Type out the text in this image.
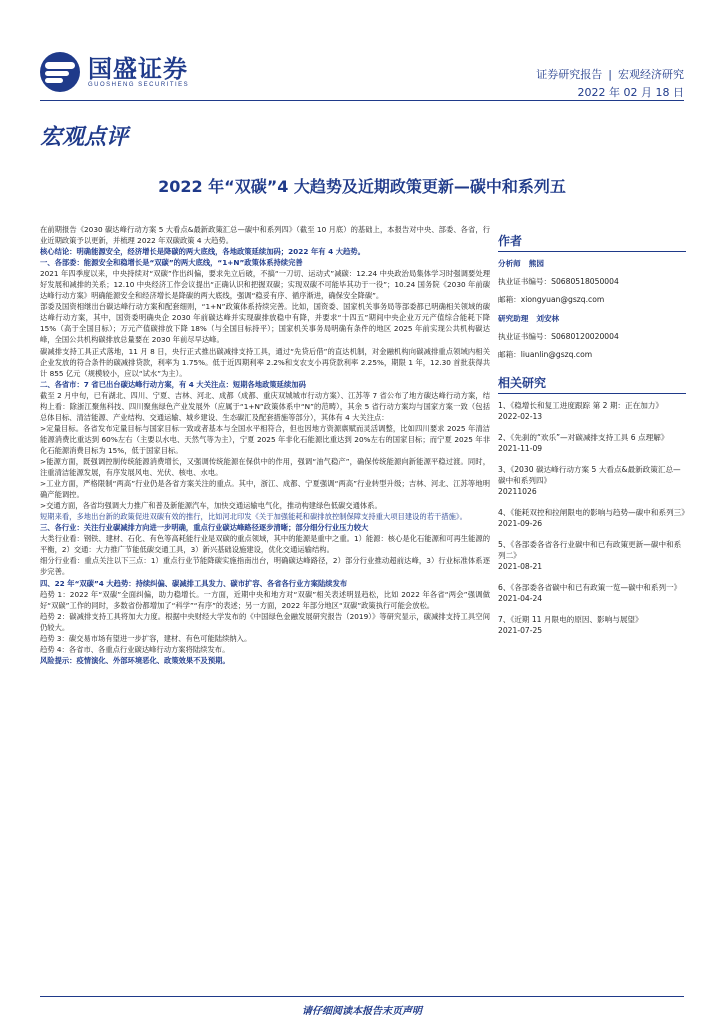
国盛证券
GUOSHENG SECURITIES
证券研究报告 | 宏观经济研究
2022 年 02 月 18 日
宏观点评
2022 年“双碳”4 大趋势及近期政策更新—碳中和系列五

在前期报告《2030 碳达峰行动方案 5 大看点&最新政策汇总—碳中和系列四》（截至 10 月底）的基础上，本报告对中央、部委、各省，行业近期政策予以更新，并梳理 2022 年双碳政策 4 大趋势。

核心结论：明确能源安全，经济增长是降碳的两大底线，各地政策延续加码；2022 年有 4 大趋势。

一、各部委：能源安全和稳增长是“双碳”的两大底线，“1+N”政策体系持续完善

2021 年四季度以来，中央持续对“双碳”作出纠偏，要求先立后破，不搞“一刀切、运动式”减碳：12.24 中央政治局集体学习时强调要处理好发展和减排的关系；12.10 中央经济工作会议提出“正确认识和把握双碳；实现双碳不可能毕其功于一役”；10.24 国务院《2030 年前碳达峰行动方案》明确能源安全和经济增长是降碳的两大底线，强调“稳妥有序、循序渐进，确保安全降碳”。

部委及国资相继出台碳达峰行动方案和配套细则，“1+N”政策体系持续完善。比如，国资委、国家机关事务局等部委都已明确相关领域的碳达峰行动方案，其中，国资委明确央企 2030 年前碳达峰并实现碳排放稳中有降，并要求“十四五”期间中央企业万元产值综合能耗下降 15%（高于全国目标）；万元产值碳排放下降 18%（与全国目标持平）；国家机关事务局明确有条件的地区 2025 年前实现公共机构碳达峰，全国公共机构碳排放总量要在 2030 年前尽早达峰。

碳减排支持工具正式落地，11 月 8 日，央行正式推出碳减排支持工具，通过“先贷后借”的直达机制，对金融机构向碳减排重点领域内相关企业发放的符合条件的碳减排贷款，利率为 1.75%。低于近四期利率 2.2%和支农支小再贷款利率 2.25%，期限 1 年，12.30 首批获得共计 855 亿元（规模较小，应以“试水”为主）。

二、各省市：7 省已出台碳达峰行动方案，有 4 大关注点：短期各地政策延续加码

截至 2 月中旬，已有湖北、四川、宁夏、吉林、河北、成都（成都、重庆双城城市行动方案）、江苏等 7 省公布了地方碳达峰行动方案，结构上看：除浙江聚焦科技、四川聚焦绿色产业发展外（应属于“1+N”政策体系中“N”的范畴），其余 5 省行动方案均与国家方案一致（包括总体目标、清洁能源、产业结构、交通运输、城乡建设、生态碳汇及配套措施等部分），其体有 4 大关注点：

>定量目标。各省发布定量目标与国家目标一致或者基本与全国水平相符合，但也因地方资源禀赋而灵活调整，比如四川要求 2025 年清洁能源消费比重达到 60%左右（主要以水电、天然气等为主），宁夏 2025 年非化石能源比重达到 20%左右的国家目标；而宁夏 2025 年非化石能源消费目标为 15%，低于国家目标。

>能源方面，既强调控制传统能源消费增长，又强调传统能源在保供中的作用，强调“油气稳产”，确保传统能源向新能源平稳过渡。同时，注重清洁能源发展，有序发展风电、光伏、核电、水电。

>工业方面，严格限制“两高”行业仍是各省方案关注的重点。其中，浙江、成都、宁夏强调“两高”行业转型升级；吉林、河北、江苏等地明确产能调控。

>交通方面，各省均强调大力推广和普及新能源汽车，加快交通运输电气化，推动构建绿色低碳交通体系。

短期来看，多地出台新的政策促进双碳有效的推行，比如河北印发《关于加强能耗和碳排放控制保障支持重大项目建设的若干措施》。

三、各行业：关注行业碳减排方向进一步明确，重点行业碳达峰路径逐步清晰；部分细分行业压力较大

大类行业看：钢铁、建材、石化、有色等高耗能行业是双碳的重点领域，其中的能源是重中之重。1）能源：核心是化石能源和可再生能源的平衡，2）交通：大力推广节能低碳交通工具，3）新兴基础设施建设，优化交通运输结构。

细分行业看：重点关注以下三点：1）重点行业节能降碳实施指南出台，明确碳达峰路径，2）部分行业推动超前达峰，3）行业标准体系逐步完善。

四、22 年“双碳”4 大趋势：持续纠偏、碳减排工具发力、碳市扩容、各省各行业方案陆续发布

趋势 1：2022 年“双碳”全面纠偏，助力稳增长。一方面，近期中央和地方对“双碳”相关表述明显趋松，比如 2022 年各省“两会”强调做好“双碳”工作的同时，多数省份都增加了“科学”“有序”的表述；另一方面，2022 年部分地区“双碳”政策执行可能会放松。

趋势 2：碳减排支持工具将加大力度。根据中央财经大学发布的《中国绿色金融发展研究报告（2019）》等研究显示，碳减排支持工具空间仍较大。

趋势 3：碳交易市场有望进一步扩容，建材、有色可能陆续纳入。

趋势 4：各省市、各重点行业碳达峰行动方案将陆续发布。

风险提示：疫情演化、外部环境恶化、政策效果不及预期。

作者
分析师 熊园
执业证书编号：S0680518050004
邮箱：xiongyuan@gszq.com
研究助理 刘安林
执业证书编号：S0680120020004
邮箱：liuanlin@gszq.com
相关研究
1、《稳增长和复工进度跟踪 第 2 期：正在加力》
2022-02-13
2、《先刹的“欢乐”—对碳减排支持工具 6 点理解》
2021-11-09
3、《2030 碳达峰行动方案 5 大看点&最新政策汇总—碳中和系列四》
20211026
4、《能耗双控和拉闸限电的影响与趋势—碳中和系列三》
2021-09-26
5、《各部委各省各行业碳中和已有政策更新—碳中和系列二》
2021-08-21
6、《各部委各省碳中和已有政策一览—碳中和系列一》
2021-04-24
7、《近期 11 月限电的原因、影响与展望》
2021-07-25
请仔细阅读本报告末页声明
